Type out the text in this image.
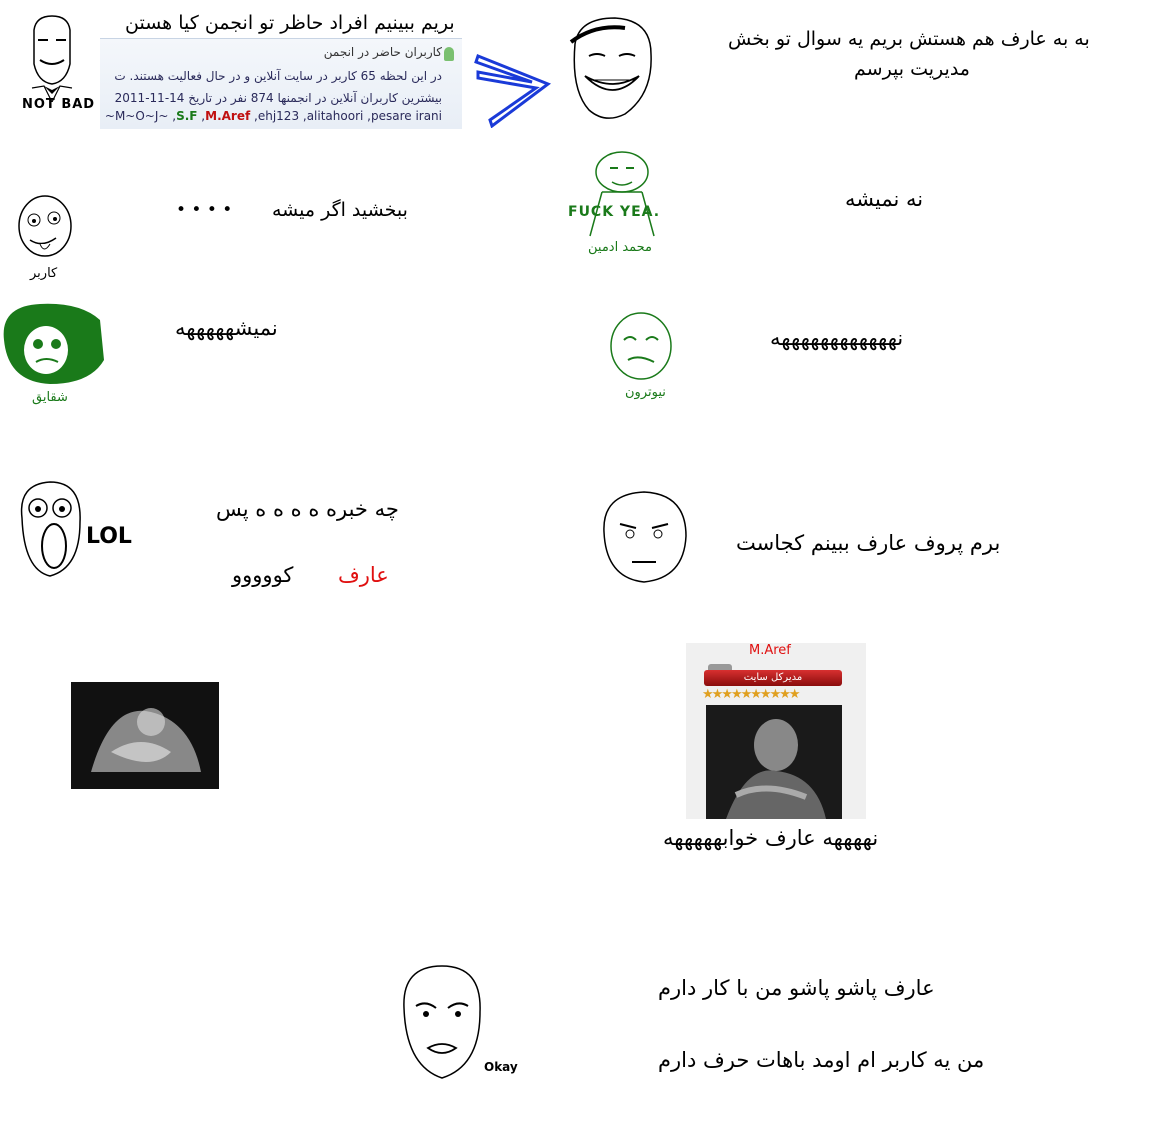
NOT BAD
بریم ببینیم افراد حاظر تو انجمن کیا هستن
کاربران حاضر در انجمن
در این لحظه 65 کاربر در سایت آنلاین و در حال فعالیت هستند. ت
بیشترین کاربران آنلاین در انجمنها 874 نفر در تاریخ 14-11-2011
~M~O~J~ ,S.F ,M.Aref ,ehj123 ,alitahoori ,pesare irani
به به عارف هم هستش بریم یه سوال تو بخش
مدیریت بپرسم
کاربر
ببخشید اگر میشه
• • • •	FUCK YEA.
محمد ادمین
نه نمیشه
شقایق
نمیشهههههه
نیوترون
نههههههههههههه
LOL
چه خبره ه ه ه ه پس
عارف
کووووو
برم پروف عارف ببینم کجاست
M.Aref
مدیرکل سایت
★★★★★★★★★★
نههههه عارف خوابهههههه
Okay
عارف پاشو پاشو من با کار دارم
من یه کاربر ام اومد باهات حرف دارم
